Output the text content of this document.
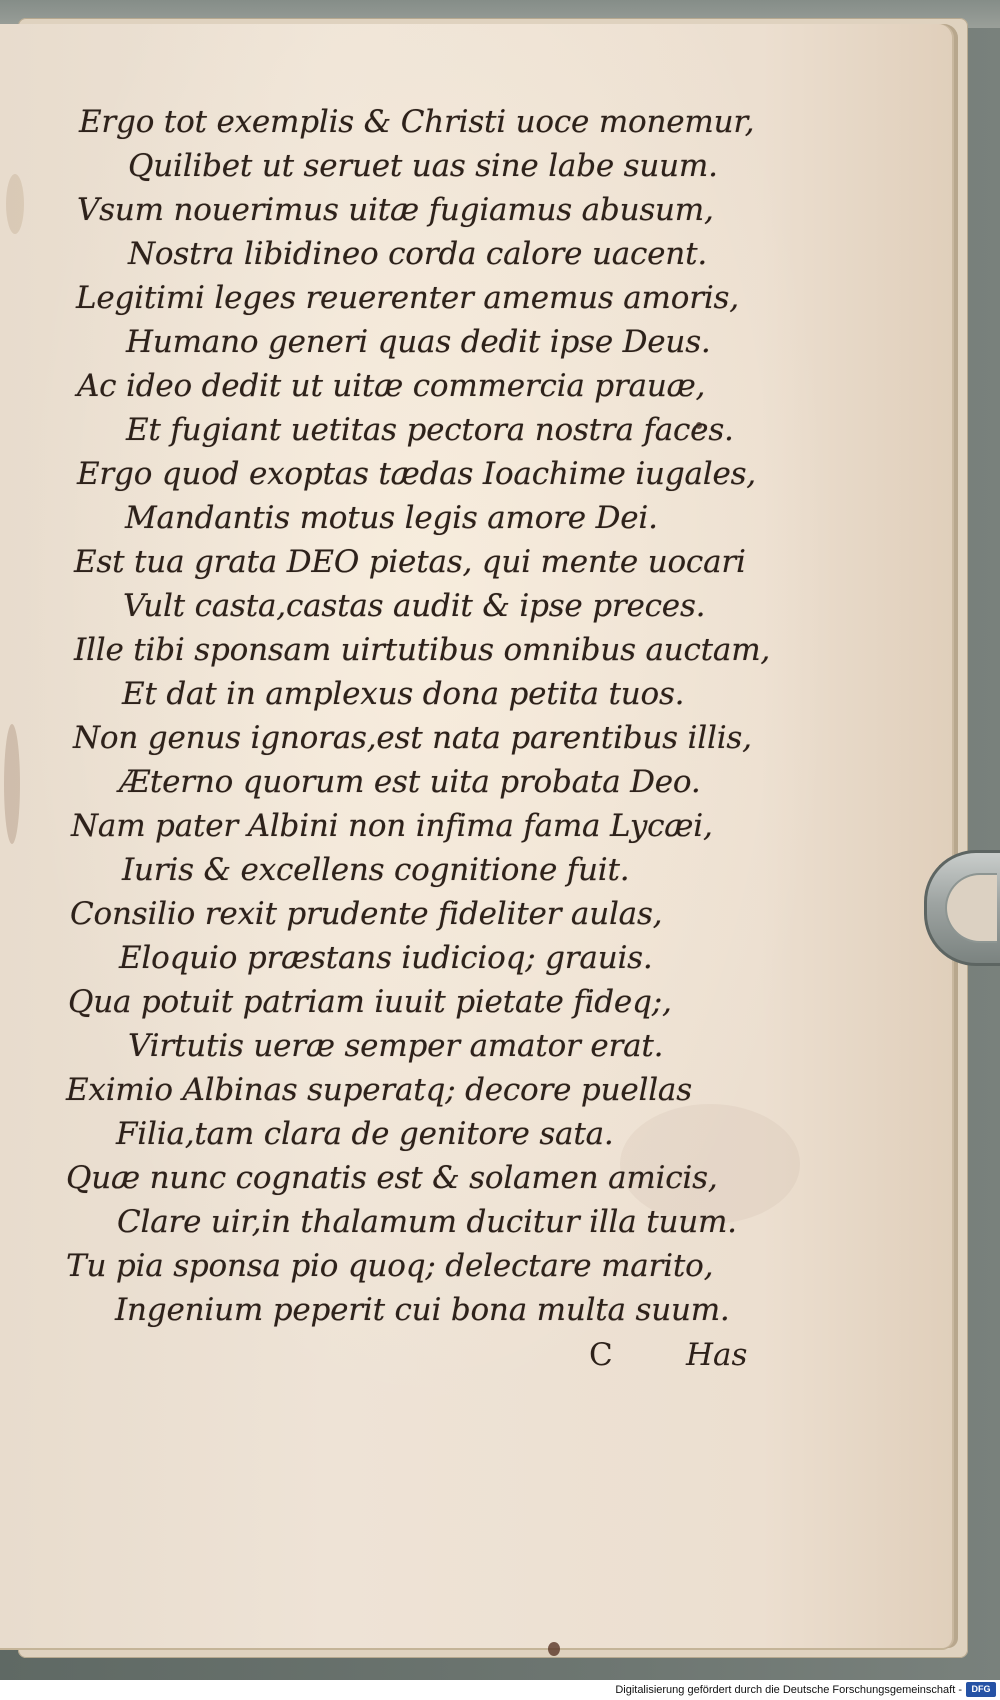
Ergo tot exemplis & Christi uoce monemur,
Quilibet ut seruet uas sine labe suum.
Vsum nouerimus uitæ fugiamus abusum,
Nostra libidineo corda calore uacent.
Legitimi leges reuerenter amemus amoris,
Humano generi quas dedit ipse Deus.
Ac ideo dedit ut uitæ commercia prauæ,
Et fugiant uetitas pectora nostra faces.
Ergo quod exoptas tædas Ioachime iugales,
Mandantis motus legis amore Dei.
Est tua grata DEO pietas, qui mente uocari
Vult casta,castas audit & ipse preces.
Ille tibi sponsam uirtutibus omnibus auctam,
Et dat in amplexus dona petita tuos.
Non genus ignoras,est nata parentibus illis,
Æterno quorum est uita probata Deo.
Nam pater Albini non infima fama Lycæi,
Iuris & excellens cognitione fuit.
Consilio rexit prudente fideliter aulas,
Eloquio præstans iudicioq; grauis.
Qua potuit patriam iuuit pietate fideq;,
Virtutis ueræ semper amator erat.
Eximio Albinas superatq; decore puellas
Filia,tam clara de genitore sata.
Quæ nunc cognatis est & solamen amicis,
Clare uir,in thalamum ducitur illa tuum.
Tu pia sponsa pio quoq; delectare marito,
Ingenium peperit cui bona multa suum.
C Has
Digitalisierung gefördert durch die Deutsche Forschungsgemeinschaft -	DFG
